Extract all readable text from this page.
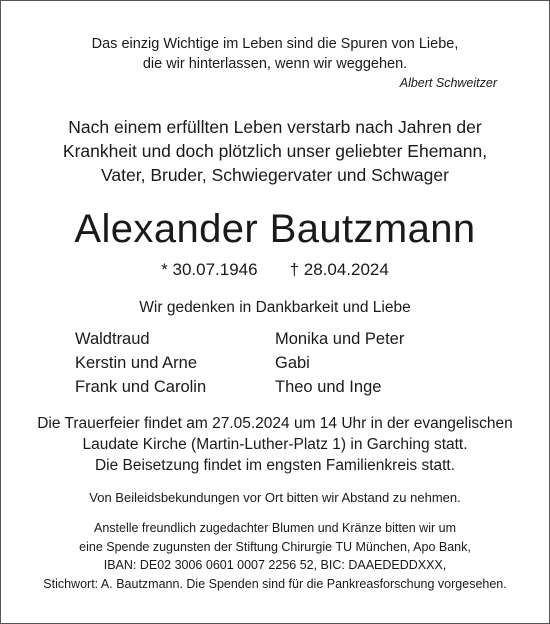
Das einzig Wichtige im Leben sind die Spuren von Liebe,
die wir hinterlassen, wenn wir weggehen.
Albert Schweitzer
Nach einem erfüllten Leben verstarb nach Jahren der
Krankheit und doch plötzlich unser geliebter Ehemann,
Vater, Bruder, Schwiegervater und Schwager
Alexander Bautzmann
* 30.07.1946 † 28.04.2024
Wir gedenken in Dankbarkeit und Liebe
Waldtraud
Kerstin und Arne
Frank und Carolin
Monika und Peter
Gabi
Theo und Inge
Die Trauerfeier findet am 27.05.2024 um 14 Uhr in der evangelischen
Laudate Kirche (Martin-Luther-Platz 1) in Garching statt.
Die Beisetzung findet im engsten Familienkreis statt.
Von Beileidsbekundungen vor Ort bitten wir Abstand zu nehmen.
Anstelle freundlich zugedachter Blumen und Kränze bitten wir um
eine Spende zugunsten der Stiftung Chirurgie TU München, Apo Bank,
IBAN: DE02 3006 0601 0007 2256 52, BIC: DAAEDEDDXXX,
Stichwort: A. Bautzmann. Die Spenden sind für die Pankreasforschung vorgesehen.
